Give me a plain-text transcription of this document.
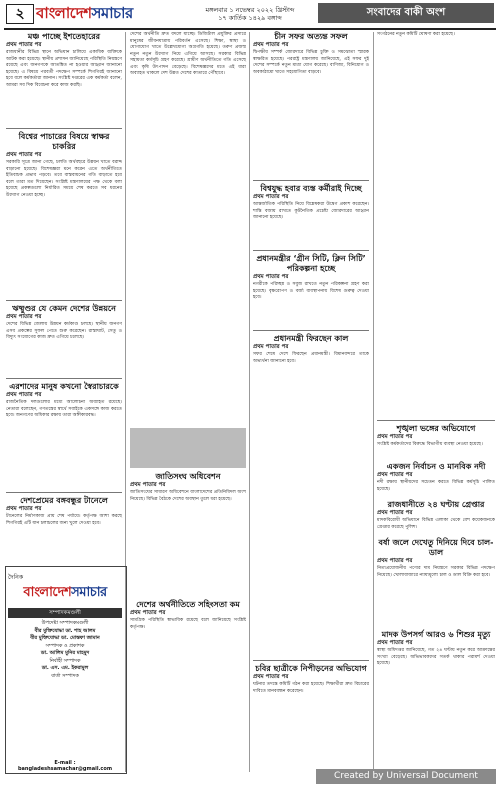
২ বাংলাদেশসমাচার	মঙ্গলবার ১ নভেম্বর ২০২২ খ্রিস্টাব্দ
১৭ কার্তিক ১৪২৯ বঙ্গাব্দ	সংবাদের বাকী অংশ
মঞ্চ পাচ্ছে ইশতেহারের
প্রথম পাতার পর
রাজধানীর বিভিন্ন স্থানে অভিযান চালিয়ে একাধিক ব্যক্তিকে আটক করা হয়েছে। স্থানীয় প্রশাসন জানিয়েছে পরিস্থিতি নিয়ন্ত্রণে রয়েছে এবং জনগণকে আতঙ্কিত না হওয়ার আহ্বান জানানো হয়েছে। এ বিষয়ে পরবর্তী পদক্ষেপ সম্পর্কে শিগগিরই জানানো হবে বলে কর্মকর্তারা জানান। সংশ্লিষ্ট দপ্তরের এক কর্মকর্তা বলেন, আমরা সব দিক বিবেচনা করে কাজ করছি।
বিশ্বের পাচারের বিষয়ে স্বাক্ষর চাকরির
প্রথম পাতার পর
সরকারি সূত্রে জানা গেছে, চলতি অর্থবছরে উন্নয়ন খাতে বরাদ্দ বাড়ানো হয়েছে। বিশেষজ্ঞরা মনে করেন এতে অর্থনীতিতে ইতিবাচক প্রভাব পড়বে। তবে বাস্তবায়নের গতি বাড়াতে হবে বলে তারা মত দিয়েছেন। সংশ্লিষ্ট মন্ত্রণালয়ের পক্ষ থেকে বলা হয়েছে প্রকল্পগুলো নির্ধারিত সময়ে শেষ করতে সব ধরনের উদ্যোগ নেওয়া হচ্ছে।
ঋষ্মুণ্ডর যে কেমন দেশের উন্নয়নে
প্রথম পাতার পর
দেশের বিভিন্ন জেলায় উন্নয়ন কর্মকাণ্ড চলছে। স্থানীয় জনগণ এসব প্রকল্পের সুফল পেতে শুরু করেছেন। রাস্তাঘাট, সেতু ও বিদ্যুৎ সংযোগের কাজ দ্রুত এগিয়ে চলেছে।
এরশাদের মানুষ কখনো স্বৈরাচারকে
প্রথম পাতার পর
রাজনৈতিক দলগুলোর মধ্যে আলোচনা অব্যাহত রয়েছে। নেতারা বলেছেন, গণতন্ত্রের স্বার্থে সবাইকে একসঙ্গে কাজ করতে হবে। জনগণের অধিকার রক্ষায় তারা অঙ্গীকারবদ্ধ।
দেশপ্রেমের বঙ্গবন্ধুর টানেলে
প্রথম পাতার পর
টানেলের নির্মাণকাজ প্রায় শেষ পর্যায়ে। কর্তৃপক্ষ আশা করছে শিগগিরই এটি যান চলাচলের জন্য খুলে দেওয়া হবে।
দৈনিক
বাংলাদেশসমাচার
সম্পাদকমণ্ডলী
উপদেষ্টা সম্পাদকমণ্ডলী
বীর মুক্তিযোদ্ধা ডা. শাহ আলম
বীর মুক্তিযোদ্ধা ডা. মোস্তফা জামান
সম্পাদক ও প্রকাশক
ডা. আলিম মুনির মাহমুদ
নির্বাহী সম্পাদক
ডা. এস. এম. ইকরামুল
বার্তা সম্পাদক
E-mail : bangladeshsamachar@gmail.com
দেশের অর্থনীতি দ্রুত বদলে যাচ্ছে। ডিজিটাল প্রযুক্তির প্রসারে মানুষের জীবনযাত্রায় পরিবর্তন এসেছে। শিক্ষা, স্বাস্থ্য ও যোগাযোগ খাতে উল্লেখযোগ্য অগ্রগতি হয়েছে। তরুণ প্রজন্ম নতুন নতুন উদ্যোগ নিয়ে এগিয়ে আসছে। সরকার বিভিন্ন সহায়তা কর্মসূচি গ্রহণ করেছে। গ্রামীণ অর্থনীতিতে গতি এসেছে এবং কৃষি উৎপাদন বেড়েছে। বিশেষজ্ঞদের মতে এই ধারা অব্যাহত থাকলে দেশ উন্নত দেশের কাতারে পৌঁছাবে।
জাতিসংঘ অধিবেশন
প্রথম পাতার পর
জাতিসংঘের সাধারণ অধিবেশনে বাংলাদেশের প্রতিনিধিদল অংশ নিয়েছে। বিভিন্ন বৈঠকে দেশের অবস্থান তুলে ধরা হয়েছে।
দেশের অর্থনীতিতে সহিংসতা কম
প্রথম পাতার পর
সামগ্রিক পরিস্থিতি স্বাভাবিক রয়েছে বলে জানিয়েছে সংশ্লিষ্ট কর্তৃপক্ষ।
চীন সফর অত্যন্ত সফল
প্রথম পাতার পর
দ্বিপক্ষীয় সম্পর্ক জোরদারে বিভিন্ন চুক্তি ও সমঝোতা স্মারক স্বাক্ষরিত হয়েছে। পররাষ্ট্র মন্ত্রণালয় জানিয়েছে, এই সফর দুই দেশের সম্পর্কে নতুন মাত্রা যোগ করেছে। বাণিজ্য, বিনিয়োগ ও অবকাঠামো খাতে সহযোগিতা বাড়বে।
বিশ্বযুদ্ধ হবার ব্যস্ত কর্মীরাই দিচ্ছে
প্রথম পাতার পর
আন্তর্জাতিক পরিস্থিতি নিয়ে বিশ্লেষকরা উদ্বেগ প্রকাশ করেছেন। শান্তি বজায় রাখতে কূটনৈতিক প্রচেষ্টা জোরদারের আহ্বান জানানো হয়েছে।
প্রধানমন্ত্রীর ‘গ্রীন সিটি, ক্লিন সিটি’ পরিকল্পনা হচ্ছে
প্রথম পাতার পর
নগরীকে পরিচ্ছন্ন ও সবুজ রাখতে নতুন পরিকল্পনা গ্রহণ করা হয়েছে। বৃক্ষরোপণ ও বর্জ্য ব্যবস্থাপনায় বিশেষ গুরুত্ব দেওয়া হবে।
প্রধানমন্ত্রী ফিরছেন কাল
প্রথম পাতার পর
সফর শেষে দেশে ফিরছেন প্রধানমন্ত্রী। বিমানবন্দরে তাকে অভ্যর্থনা জানানো হবে।
চবির ছাত্রীকে নিপীড়নের অভিযোগ
প্রথম পাতার পর
ঘটনার তদন্তে কমিটি গঠন করা হয়েছে। শিক্ষার্থীরা দ্রুত বিচারের দাবিতে মানববন্ধন করেছেন।
সংগঠনের নতুন কমিটি ঘোষণা করা হয়েছে।
শৃঙ্খলা ভঙ্গের অভিযোগে
প্রথম পাতার পর
সংশ্লিষ্ট কর্মকর্তাদের বিরুদ্ধে বিভাগীয় ব্যবস্থা নেওয়া হয়েছে।
একজন নির্বাচন ও মানবিক নদী
প্রথম পাতার পর
নদী রক্ষায় স্থানীয়দের সচেতন করতে বিভিন্ন কর্মসূচি পালিত হয়েছে।
রাজধানীতে ২৪ ঘণ্টায় গ্রেপ্তার
প্রথম পাতার পর
মাদকবিরোধী অভিযানে বিভিন্ন এলাকা থেকে বেশ কয়েকজনকে গ্রেপ্তার করেছে পুলিশ।
বর্ষা জলে দেখেতু দিনিয়ে দিবে চাল-ডাল
প্রথম পাতার পর
নিত্যপ্রয়োজনীয় পণ্যের দাম নিয়ন্ত্রণে সরকার বিভিন্ন পদক্ষেপ নিয়েছে। খোলাবাজারে ন্যায্যমূল্যে চাল ও ডাল বিক্রি করা হবে।
মাদক উপসর্গ আরও ৬ শিশুর মৃত্যু
প্রথম পাতার পর
স্বাস্থ্য অধিদপ্তর জানিয়েছে, গত ২৪ ঘণ্টায় নতুন করে আক্রান্তের সংখ্যা বেড়েছে। অভিভাবকদের সতর্ক থাকার পরামর্শ দেওয়া হয়েছে।
Created by Universal Document Converter
